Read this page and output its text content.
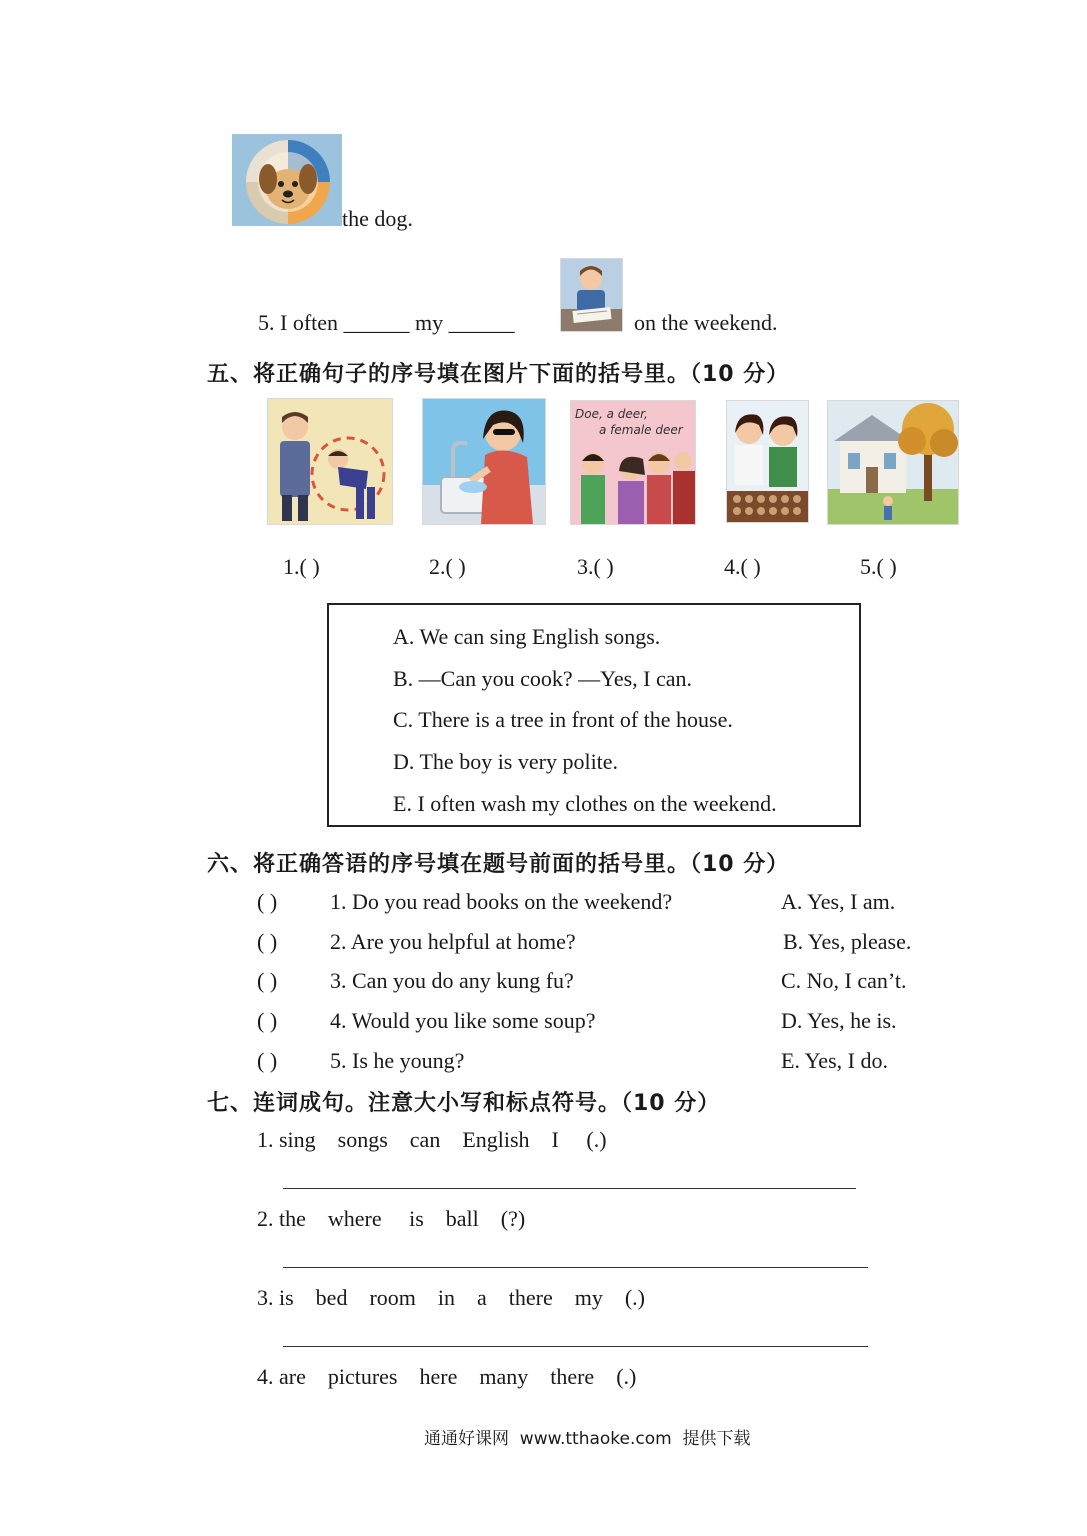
the dog.
5. I often ______ my ______	on the weekend.
五、将正确句子的序号填在图片下面的括号里。（10 分）
Doe, a deer,
a female deer
1.( )	2.( )	3.( )	4.( )	5.( )
A. We can sing English songs.
B. —Can you cook? —Yes, I can.
C. There is a tree in front of the house.
D. The boy is very polite.
E. I often wash my clothes on the weekend.
六、将正确答语的序号填在题号前面的括号里。（10 分）
( ) 1. Do you read books on the weekend?	A. Yes, I am.
( ) 2. Are you helpful at home?	B. Yes, please.
( ) 3. Can you do any kung fu?	C. No, I can’t.
( ) 4. Would you like some soup?	D. Yes, he is.
( ) 5. Is he young?	E. Yes, I do.
七、连词成句。注意大小写和标点符号。（10 分）
1. sing    songs    can    English    I     (.)
2. the    where     is    ball    (?)
3. is    bed    room    in    a    there    my    (.)
4. are    pictures    here    many    there    (.)
通通好课网  www.tthaoke.com  提供下载
